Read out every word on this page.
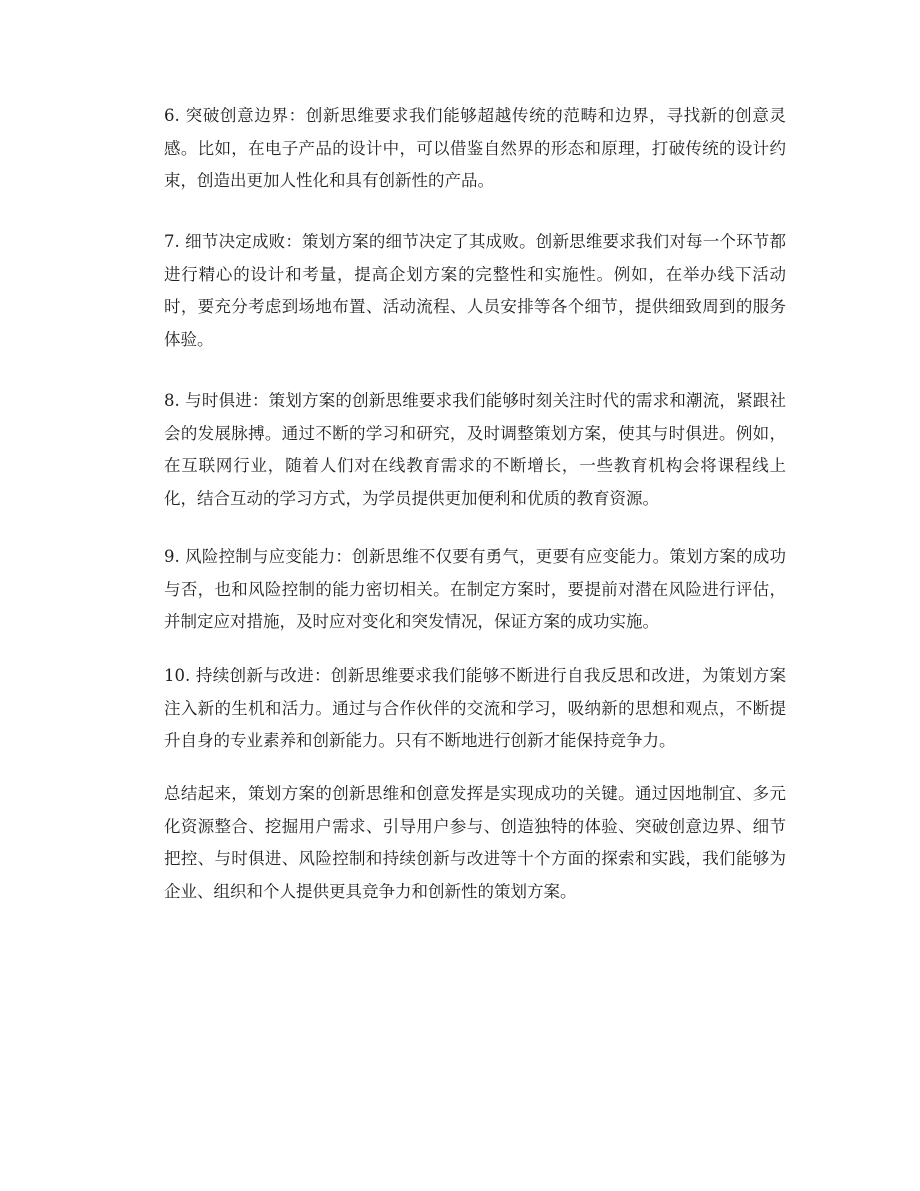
6. 突破创意边界：创新思维要求我们能够超越传统的范畴和边界，寻找新的创意灵感。比如，在电子产品的设计中，可以借鉴自然界的形态和原理，打破传统的设计约束，创造出更加人性化和具有创新性的产品。

7. 细节决定成败：策划方案的细节决定了其成败。创新思维要求我们对每一个环节都进行精心的设计和考量，提高企划方案的完整性和实施性。例如，在举办线下活动时，要充分考虑到场地布置、活动流程、人员安排等各个细节，提供细致周到的服务体验。

8. 与时俱进：策划方案的创新思维要求我们能够时刻关注时代的需求和潮流，紧跟社会的发展脉搏。通过不断的学习和研究，及时调整策划方案，使其与时俱进。例如，在互联网行业，随着人们对在线教育需求的不断增长，一些教育机构会将课程线上化，结合互动的学习方式，为学员提供更加便利和优质的教育资源。

9. 风险控制与应变能力：创新思维不仅要有勇气，更要有应变能力。策划方案的成功与否，也和风险控制的能力密切相关。在制定方案时，要提前对潜在风险进行评估，并制定应对措施，及时应对变化和突发情况，保证方案的成功实施。

10. 持续创新与改进：创新思维要求我们能够不断进行自我反思和改进，为策划方案注入新的生机和活力。通过与合作伙伴的交流和学习，吸纳新的思想和观点，不断提升自身的专业素养和创新能力。只有不断地进行创新才能保持竞争力。

总结起来，策划方案的创新思维和创意发挥是实现成功的关键。通过因地制宜、多元化资源整合、挖掘用户需求、引导用户参与、创造独特的体验、突破创意边界、细节把控、与时俱进、风险控制和持续创新与改进等十个方面的探索和实践，我们能够为企业、组织和个人提供更具竞争力和创新性的策划方案。
